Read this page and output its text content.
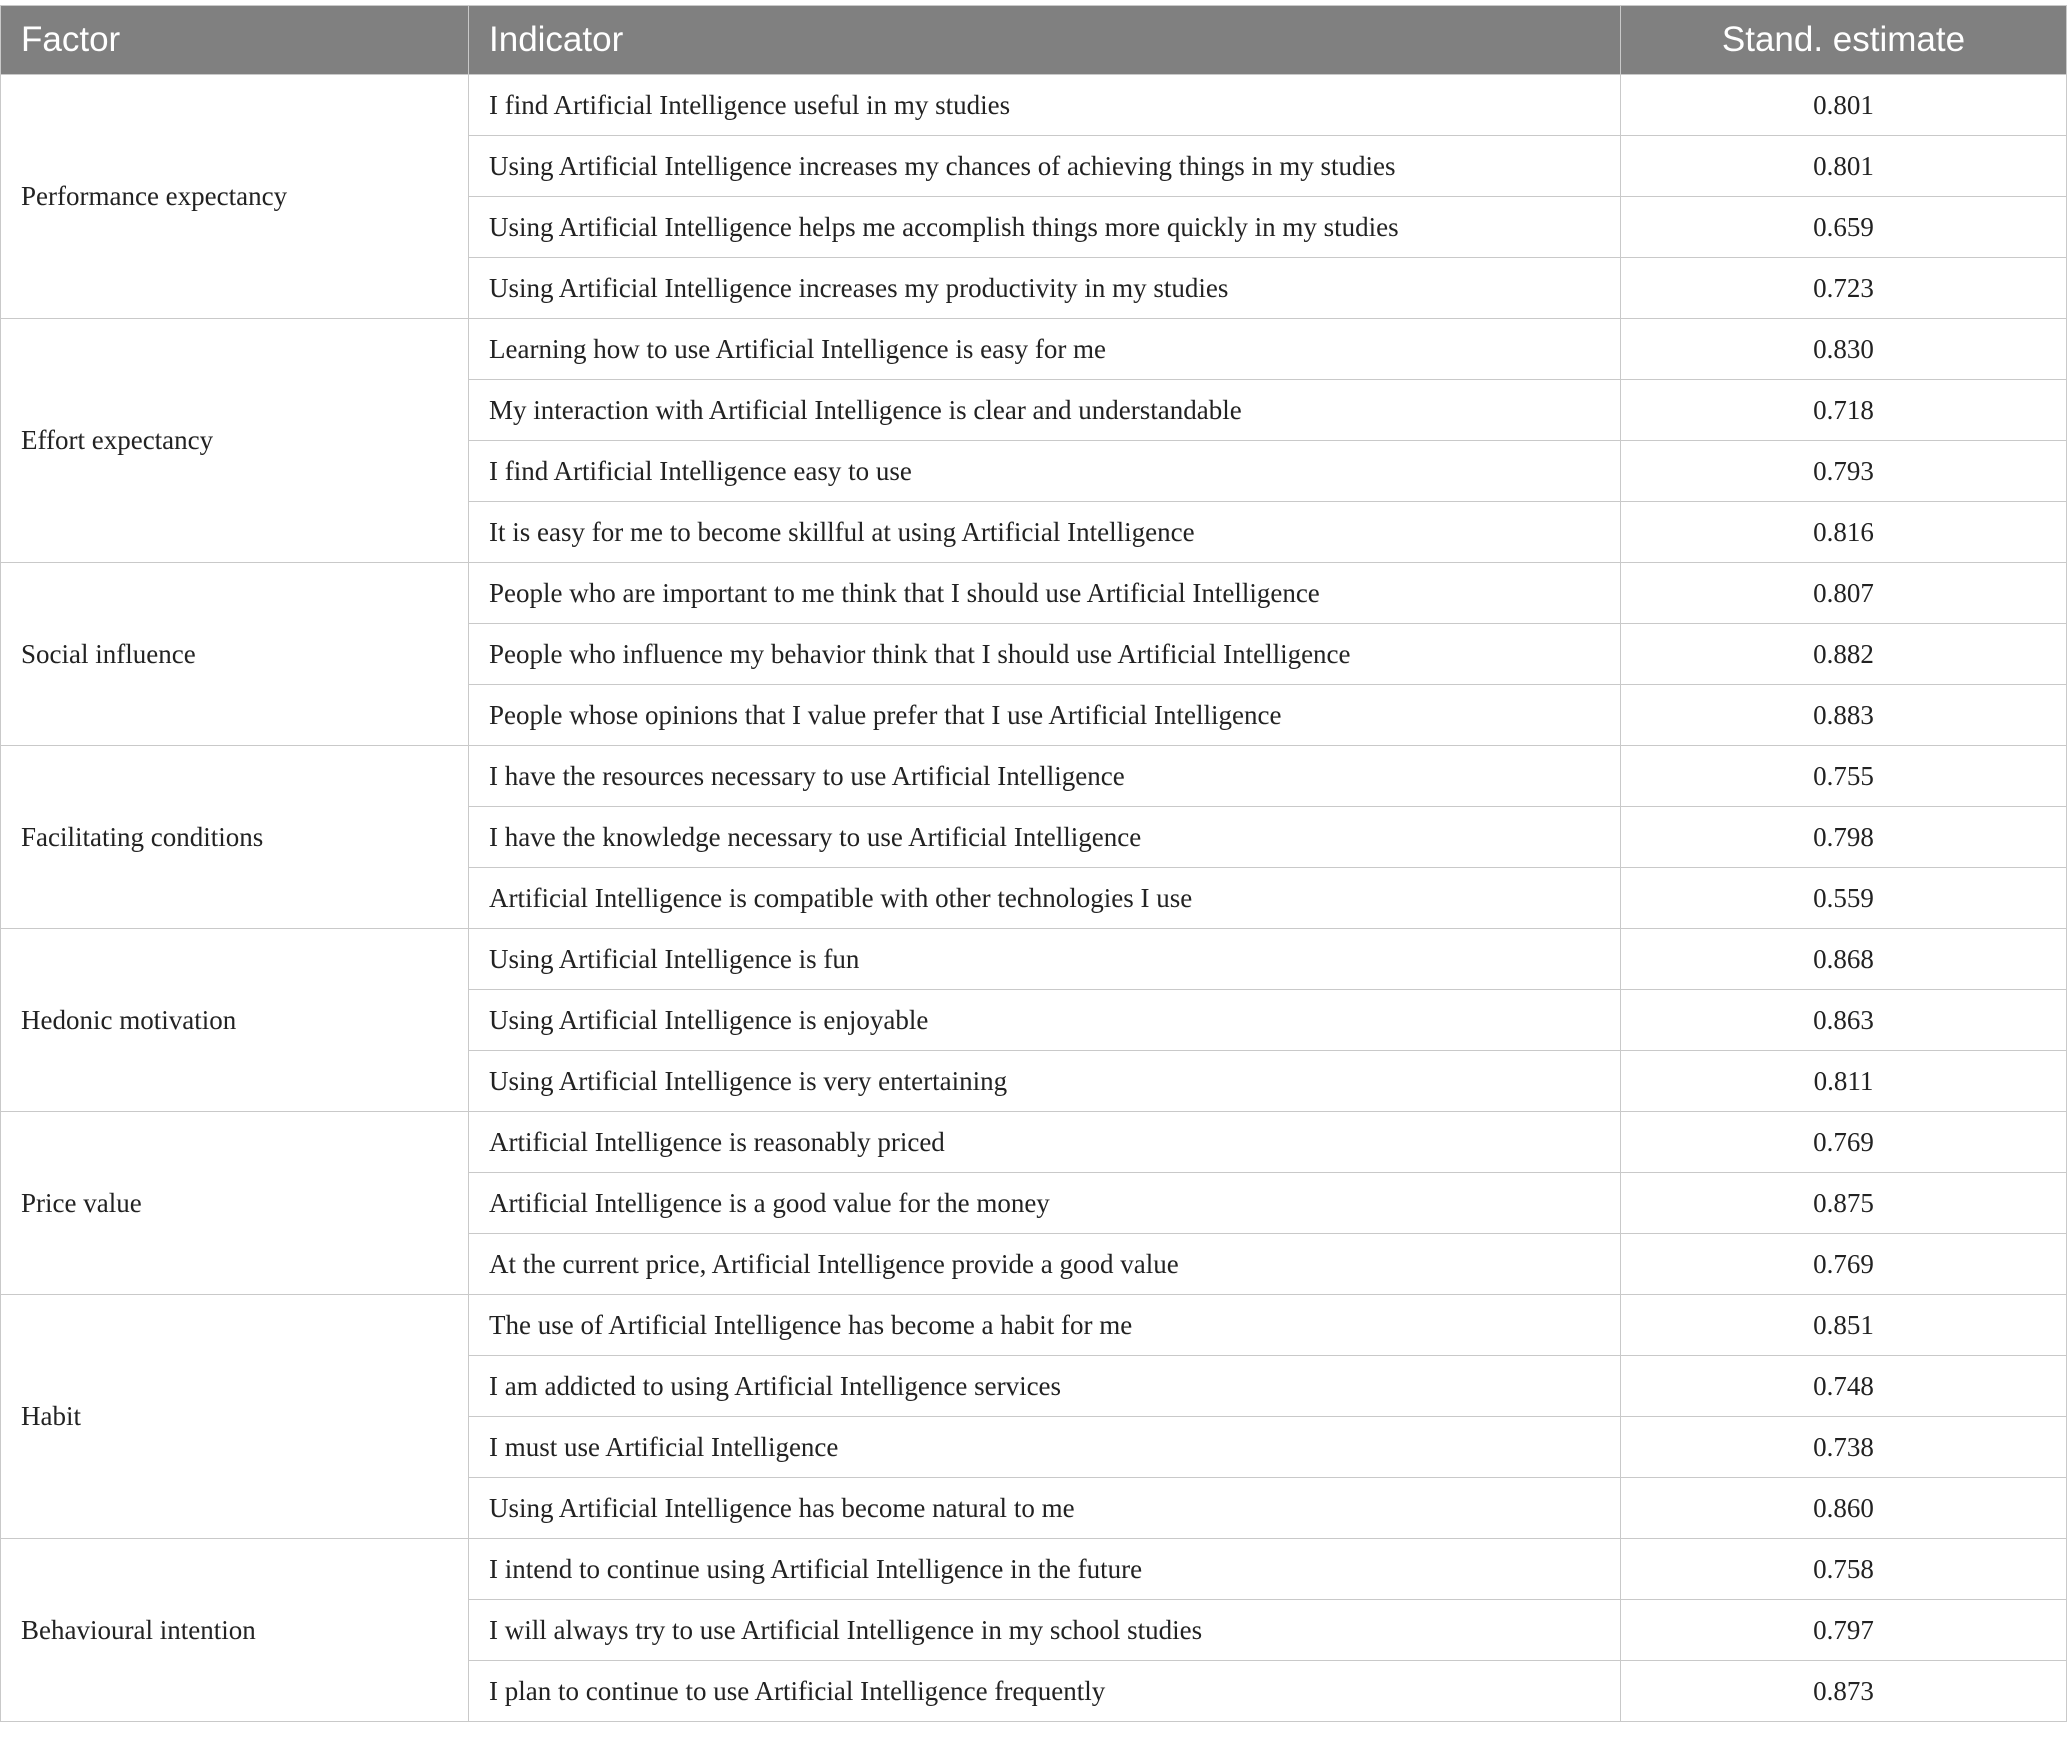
Factor	Indicator	Stand. estimate
Performance expectancy	I find Artificial Intelligence useful in my studies	0.801
	Using Artificial Intelligence increases my chances of achieving things in my studies	0.801
	Using Artificial Intelligence helps me accomplish things more quickly in my studies	0.659
	Using Artificial Intelligence increases my productivity in my studies	0.723
Effort expectancy	Learning how to use Artificial Intelligence is easy for me	0.830
	My interaction with Artificial Intelligence is clear and understandable	0.718
	I find Artificial Intelligence easy to use	0.793
	It is easy for me to become skillful at using Artificial Intelligence	0.816
Social influence	People who are important to me think that I should use Artificial Intelligence	0.807
	People who influence my behavior think that I should use Artificial Intelligence	0.882
	People whose opinions that I value prefer that I use Artificial Intelligence	0.883
Facilitating conditions	I have the resources necessary to use Artificial Intelligence	0.755
	I have the knowledge necessary to use Artificial Intelligence	0.798
	Artificial Intelligence is compatible with other technologies I use	0.559
Hedonic motivation	Using Artificial Intelligence is fun	0.868
	Using Artificial Intelligence is enjoyable	0.863
	Using Artificial Intelligence is very entertaining	0.811
Price value	Artificial Intelligence is reasonably priced	0.769
	Artificial Intelligence is a good value for the money	0.875
	At the current price, Artificial Intelligence provide a good value	0.769
Habit	The use of Artificial Intelligence has become a habit for me	0.851
	I am addicted to using Artificial Intelligence services	0.748
	I must use Artificial Intelligence	0.738
	Using Artificial Intelligence has become natural to me	0.860
Behavioural intention	I intend to continue using Artificial Intelligence in the future	0.758
	I will always try to use Artificial Intelligence in my school studies	0.797
	I plan to continue to use Artificial Intelligence frequently	0.873
